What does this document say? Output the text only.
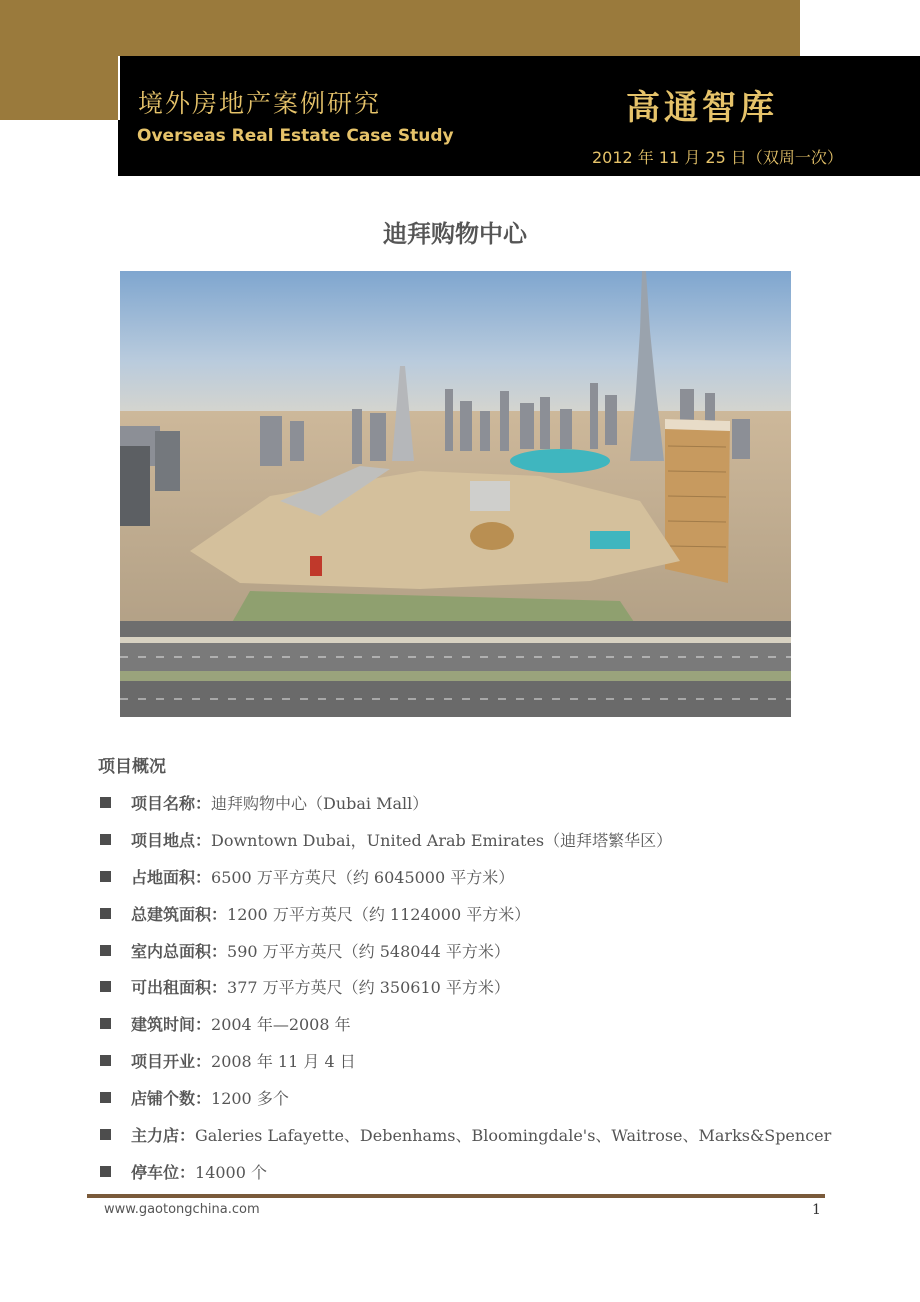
境外房地产案例研究
Overseas Real Estate Case Study
高通智库
2012 年 11 月 25 日（双周一次）
迪拜购物中心
项目概况
项目名称： 迪拜购物中心（Dubai Mall）
项目地点： Downtown Dubai，United Arab Emirates（迪拜塔繁华区）
占地面积： 6500 万平方英尺（约 6045000 平方米）
总建筑面积： 1200 万平方英尺（约 1124000 平方米）
室内总面积： 590 万平方英尺（约 548044 平方米）
可出租面积： 377 万平方英尺（约 350610 平方米）
建筑时间： 2004 年—2008 年
项目开业： 2008 年 11 月 4 日
店铺个数： 1200 多个
主力店： Galeries Lafayette、Debenhams、Bloomingdale's、Waitrose、Marks&Spencer
停车位： 14000 个
www.gaotongchina.com	1
